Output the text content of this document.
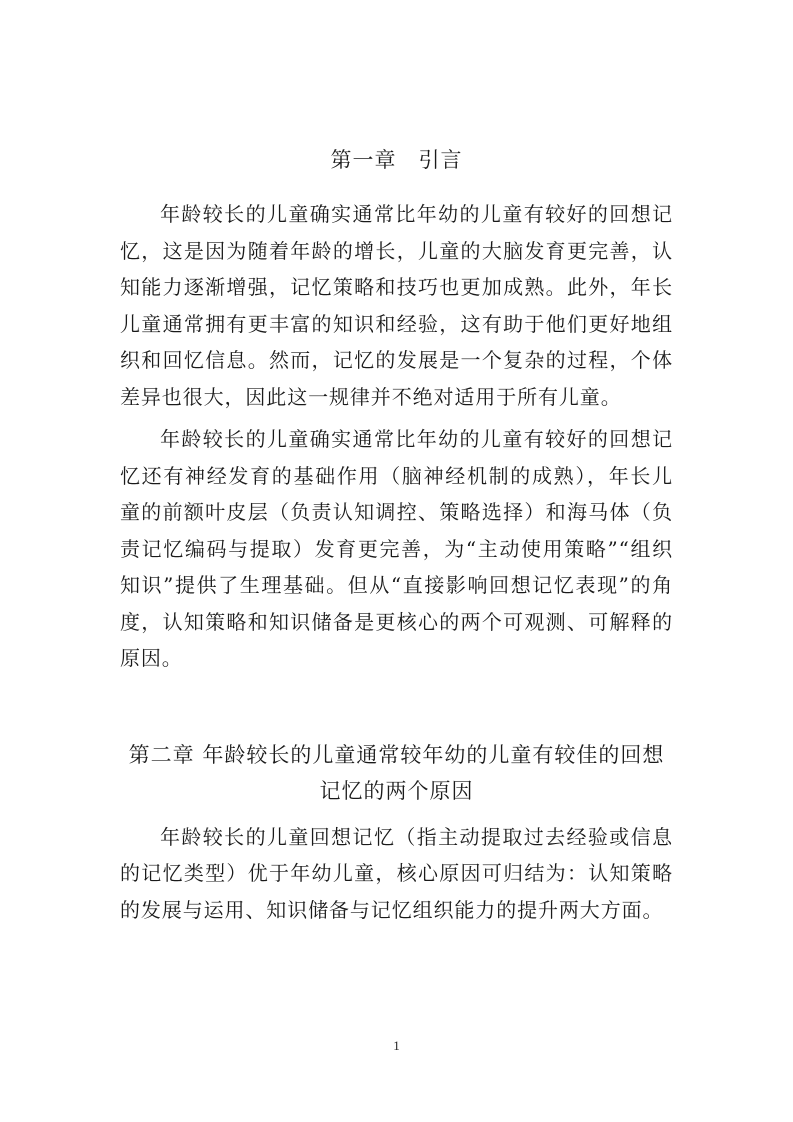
第一章　引言

年龄较长的儿童确实通常比年幼的儿童有较好的回想记忆，这是因为随着年龄的增长，儿童的大脑发育更完善，认知能力逐渐增强，记忆策略和技巧也更加成熟。此外，年长儿童通常拥有更丰富的知识和经验，这有助于他们更好地组织和回忆信息。然而，记忆的发展是一个复杂的过程，个体差异也很大，因此这一规律并不绝对适用于所有儿童。

年龄较长的儿童确实通常比年幼的儿童有较好的回想记忆还有神经发育的基础作用（脑神经机制的成熟），年长儿童的前额叶皮层（负责认知调控、策略选择）和海马体（负责记忆编码与提取）发育更完善，为“主动使用策略”“组织知识”提供了生理基础。但从“直接影响回想记忆表现”的角度，认知策略和知识储备是更核心的两个可观测、可解释的原因。

第二章 年龄较长的儿童通常较年幼的儿童有较佳的回想记忆的两个原因

年龄较长的儿童回想记忆（指主动提取过去经验或信息的记忆类型）优于年幼儿童，核心原因可归结为：认知策略的发展与运用、知识储备与记忆组织能力的提升两大方面。

1
